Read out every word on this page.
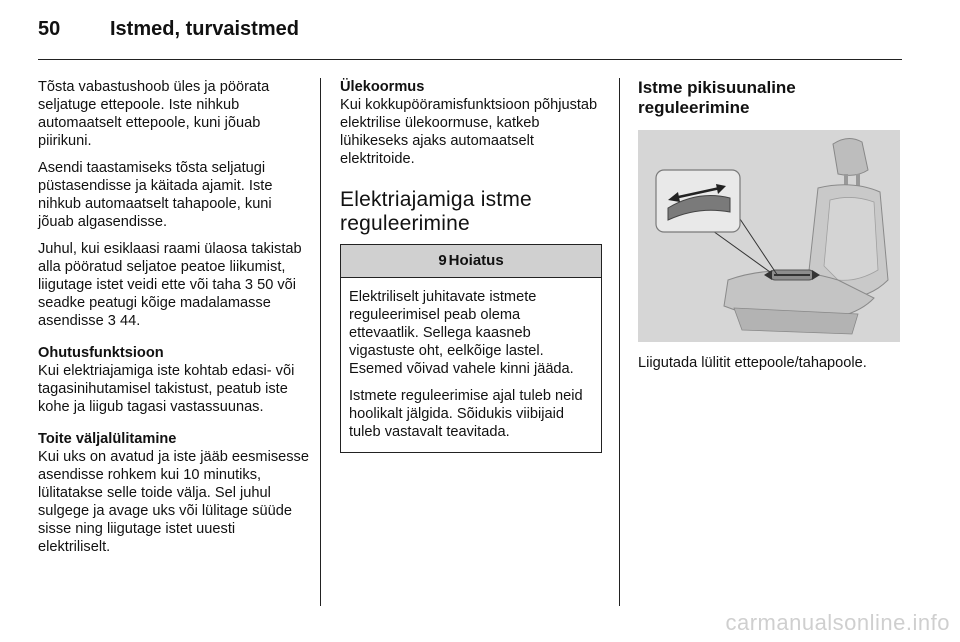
50 Istmed, turvaistmed

Tõsta vabastushoob üles ja pöörata seljatuge ettepoole. Iste nihkub automaatselt ettepoole, kuni jõuab piirikuni.

Asendi taastamiseks tõsta seljatugi püstasendisse ja käitada ajamit. Iste nihkub automaatselt tahapoole, kuni jõuab algasendisse.

Juhul, kui esiklaasi raami ülaosa takistab alla pööratud seljatoe peatoe liikumist, liigutage istet veidi ette või taha 3 50 või seadke peatugi kõige madalamasse asendisse 3 44.

Ohutusfunktsioon

Kui elektriajamiga iste kohtab edasi- või tagasinihutamisel takistust, peatub iste kohe ja liigub tagasi vastassuunas.

Toite väljalülitamine

Kui uks on avatud ja iste jääb eesmisesse asendisse rohkem kui 10 minutiks, lülitatakse selle toide välja. Sel juhul sulgege ja avage uks või lülitage süüde sisse ning liigutage istet uuesti elektriliselt.

Ülekoormus

Kui kokkupööramisfunktsioon põhjustab elektrilise ülekoormuse, katkeb lühikeseks ajaks automaatselt elektritoide.

Elektriajamiga istme
reguleerimine
9 Hoiatus

Elektriliselt juhitavate istmete reguleerimisel peab olema ettevaatlik. Sellega kaasneb vigastuste oht, eelkõige lastel. Esemed võivad vahele kinni jääda.

Istmete reguleerimise ajal tuleb neid hoolikalt jälgida. Sõidukis viibijaid tuleb vastavalt teavitada.

Istme pikisuunaline
reguleerimine

Liigutada lülitit ettepoole/tahapoole.

carmanualsonline.info
